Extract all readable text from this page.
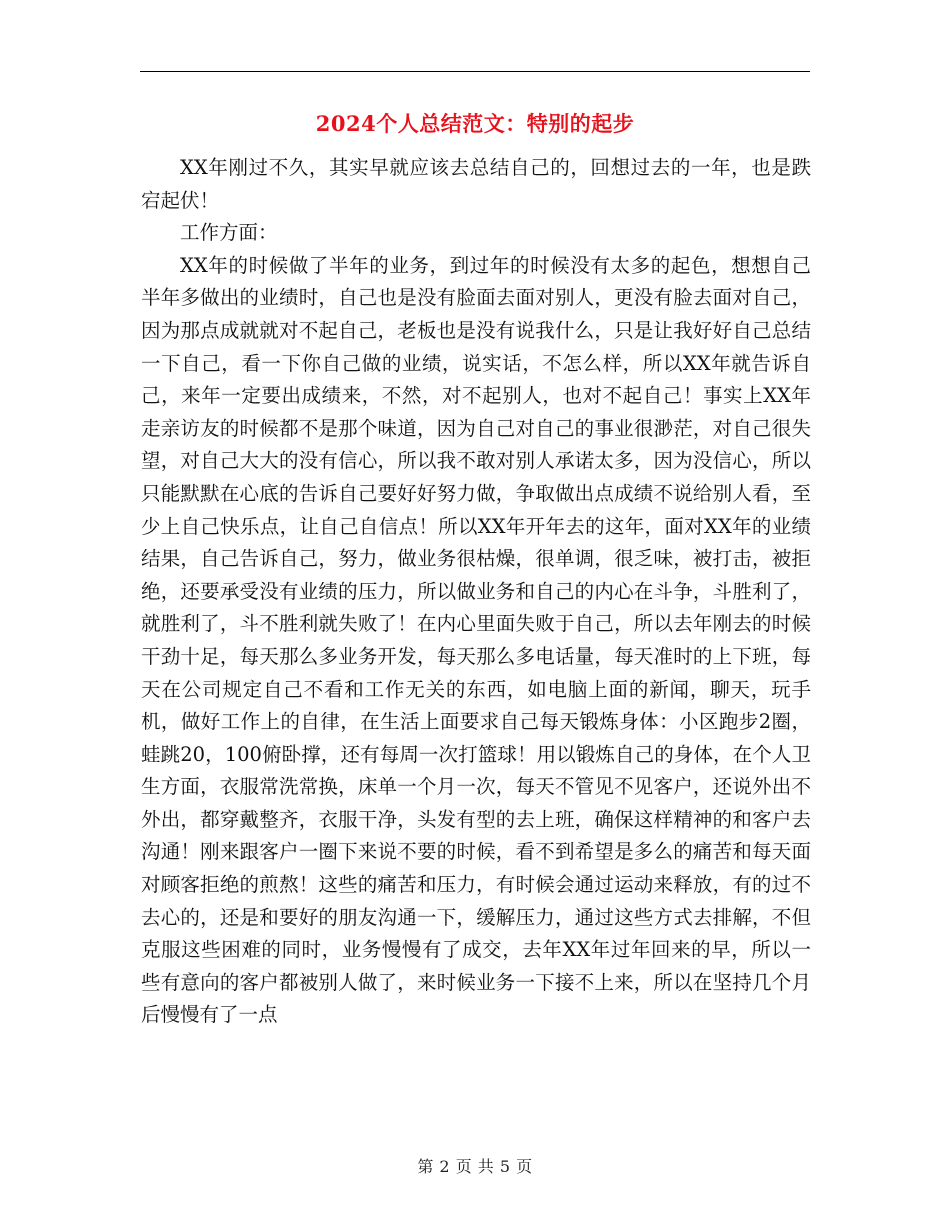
2024个人总结范文：特别的起步

XX年刚过不久，其实早就应该去总结自己的，回想过去的一年，也是跌宕起伏！

工作方面：

XX年的时候做了半年的业务，到过年的时候没有太多的起色，想想自己半年多做出的业绩时，自己也是没有脸面去面对别人，更没有脸去面对自己，因为那点成就就对不起自己，老板也是没有说我什么，只是让我好好自己总结一下自己，看一下你自己做的业绩，说实话，不怎么样，所以XX年就告诉自己，来年一定要出成绩来，不然，对不起别人，也对不起自己！事实上XX年走亲访友的时候都不是那个味道，因为自己对自己的事业很渺茫，对自己很失望，对自己大大的没有信心，所以我不敢对别人承诺太多，因为没信心，所以只能默默在心底的告诉自己要好好努力做，争取做出点成绩不说给别人看，至少上自己快乐点，让自己自信点！所以XX年开年去的这年，面对XX年的业绩结果，自己告诉自己，努力，做业务很枯燥，很单调，很乏味，被打击，被拒绝，还要承受没有业绩的压力，所以做业务和自己的内心在斗争，斗胜利了，就胜利了，斗不胜利就失败了！在内心里面失败于自己，所以去年刚去的时候干劲十足，每天那么多业务开发，每天那么多电话量，每天准时的上下班，每天在公司规定自己不看和工作无关的东西，如电脑上面的新闻，聊天，玩手机，做好工作上的自律，在生活上面要求自己每天锻炼身体：小区跑步2圈，蛙跳20，100俯卧撑，还有每周一次打篮球！用以锻炼自己的身体，在个人卫生方面，衣服常洗常换，床单一个月一次，每天不管见不见客户，还说外出不外出，都穿戴整齐，衣服干净，头发有型的去上班，确保这样精神的和客户去沟通！刚来跟客户一圈下来说不要的时候，看不到希望是多么的痛苦和每天面对顾客拒绝的煎熬！这些的痛苦和压力，有时候会通过运动来释放，有的过不去心的，还是和要好的朋友沟通一下，缓解压力，通过这些方式去排解，不但克服这些困难的同时，业务慢慢有了成交，去年XX年过年回来的早，所以一些有意向的客户都被别人做了，来时候业务一下接不上来，所以在坚持几个月后慢慢有了一点

第 2 页 共 5 页
